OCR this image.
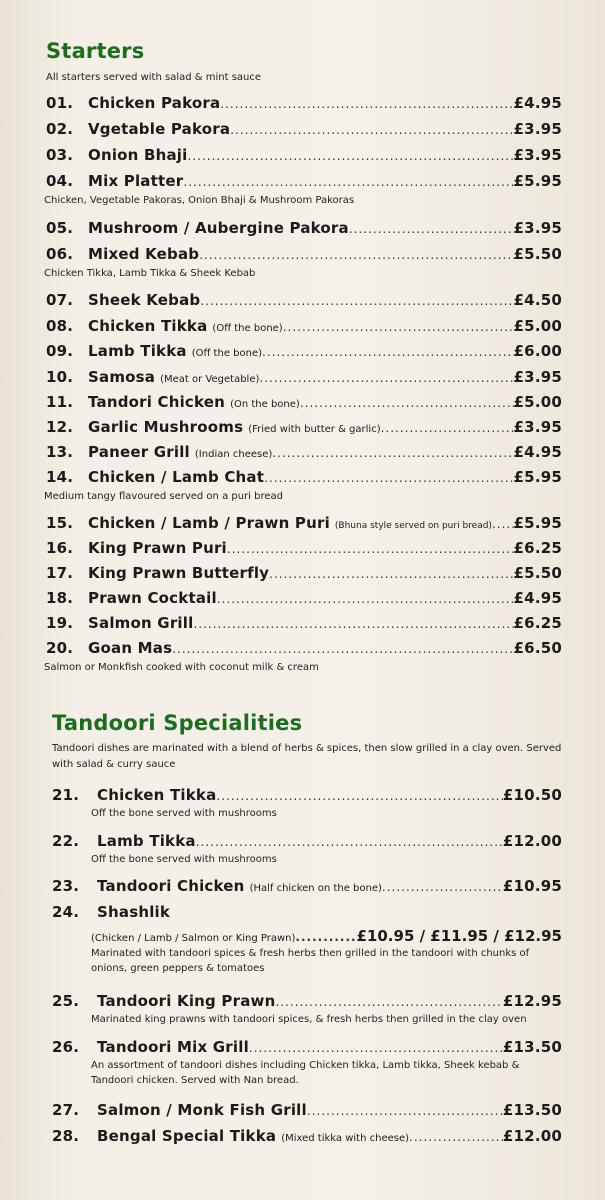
Starters
All starters served with salad & mint sauce
01. Chicken Pakora .....	£4.95
02. Vgetable Pakora .....	£3.95
03. Onion Bhaji .....	£3.95
04. Mix Platter .....	£5.95
Chicken, Vegetable Pakoras, Onion Bhaji & Mushroom Pakoras
05. Mushroom / Aubergine Pakora .....	£3.95
06. Mixed Kebab .....	£5.50
Chicken Tikka, Lamb Tikka & Sheek Kebab
07. Sheek Kebab .....	£4.50
08. Chicken Tikka (Off the bone) .....	£5.00
09. Lamb Tikka (Off the bone) .....	£6.00
10. Samosa (Meat or Vegetable) .....	£3.95
11. Tandori Chicken (On the bone) .....	£5.00
12. Garlic Mushrooms (Fried with butter & garlic) .....	£3.95
13. Paneer Grill (Indian cheese) .....	£4.95
14. Chicken / Lamb Chat .....	£5.95
Medium tangy flavoured served on a puri bread
15. Chicken / Lamb / Prawn Puri (Bhuna style served on puri bread) ..... £5.95
16. King Prawn Puri .....	£6.25
17. King Prawn Butterfly .....	£5.50
18. Prawn Cocktail .....	£4.95
19. Salmon Grill .....	£6.25
20. Goan Mas .....	£6.50
Salmon or Monkfish cooked with coconut milk & cream
Tandoori Specialities
Tandoori dishes are marinated with a blend of herbs & spices, then slow grilled in a clay oven. Served with salad & curry sauce
21.	Chicken Tikka .....	£10.50
Off the bone served with mushrooms
22.	Lamb Tikka .....	£12.00
Off the bone served with mushrooms
23.	Tandoori Chicken (Half chicken on the bone) .....	£10.95
24.	Shashlik
(Chicken / Lamb / Salmon or King Prawn) .....	£10.95 / £11.95 / £12.95
Marinated with tandoori spices & fresh herbs then grilled in the tandoori with chunks of onions, green peppers & tomatoes
25.	Tandoori King Prawn .....	£12.95
Marinated king prawns with tandoori spices, & fresh herbs then grilled in the clay oven
26.	Tandoori Mix Grill .....	£13.50
An assortment of tandoori dishes including Chicken tikka, Lamb tikka, Sheek kebab & Tandoori chicken. Served with Nan bread.
27.	Salmon / Monk Fish Grill .....	£13.50
28.	Bengal Special Tikka (Mixed tikka with cheese) .....	£12.00
